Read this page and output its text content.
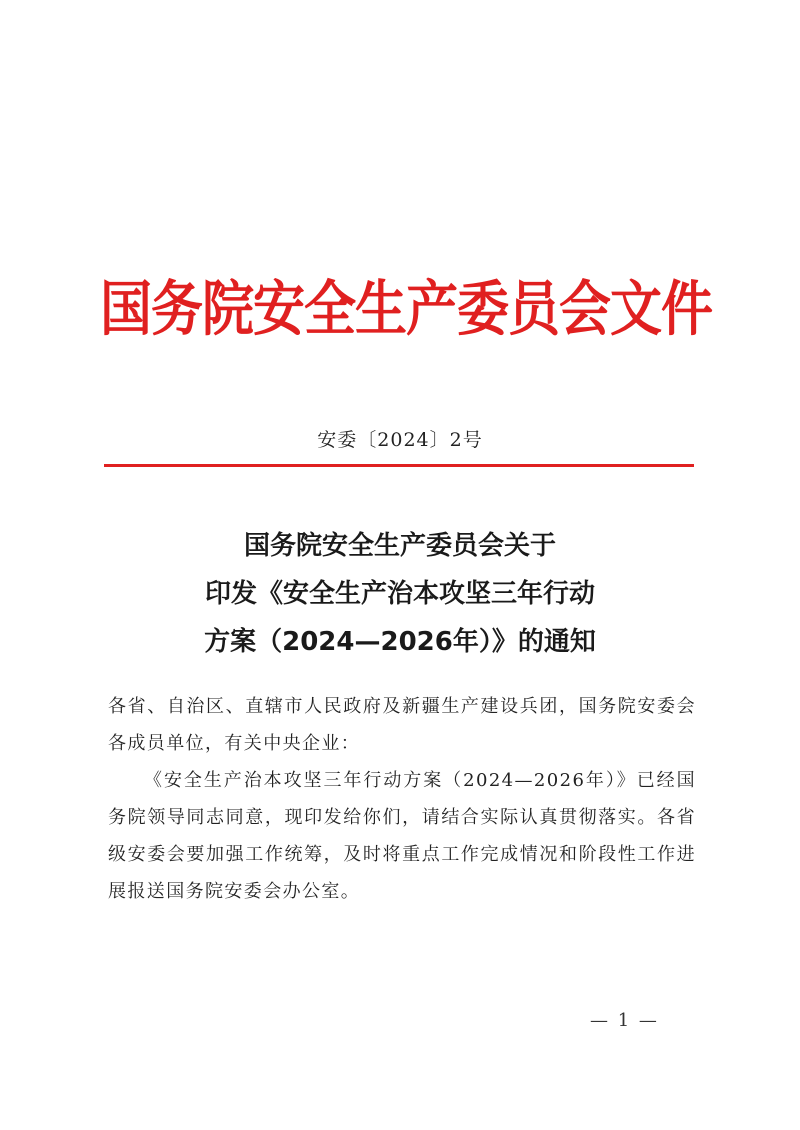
国务院安全生产委员会文件
安委〔2024〕2号
国务院安全生产委员会关于
印发《安全生产治本攻坚三年行动
方案（2024—2026年）》的通知

各省、自治区、直辖市人民政府及新疆生产建设兵团，国务院安委会各成员单位，有关中央企业：

《安全生产治本攻坚三年行动方案（2024—2026年）》已经国务院领导同志同意，现印发给你们，请结合实际认真贯彻落实。各省级安委会要加强工作统筹，及时将重点工作完成情况和阶段性工作进展报送国务院安委会办公室。

— 1 —
